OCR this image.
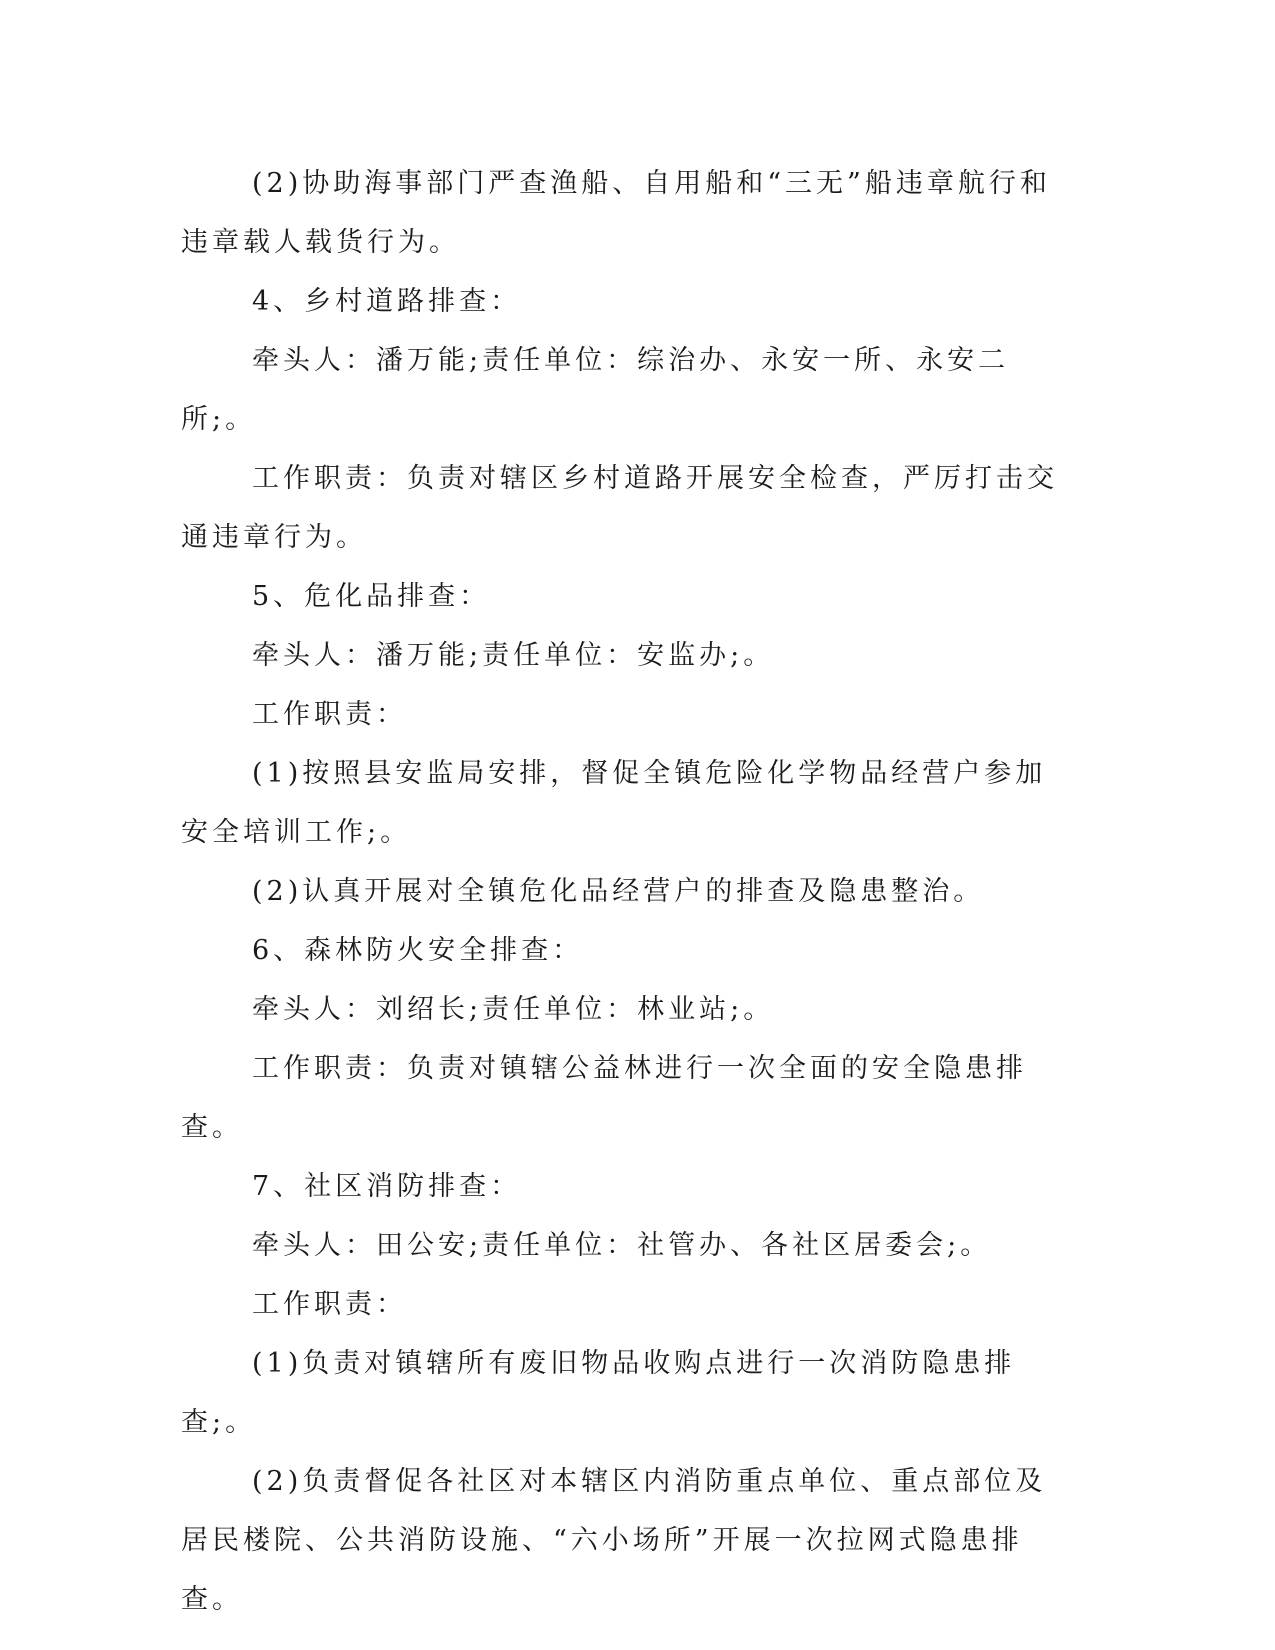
(2)协助海事部门严查渔船、自用船和“三无”船违章航行和违章载人载货行为。

4、乡村道路排查：

牵头人：潘万能;责任单位：综治办、永安一所、永安二所;。

工作职责：负责对辖区乡村道路开展安全检查，严厉打击交通违章行为。

5、危化品排查：

牵头人：潘万能;责任单位：安监办;。

工作职责：

(1)按照县安监局安排，督促全镇危险化学物品经营户参加安全培训工作;。

(2)认真开展对全镇危化品经营户的排查及隐患整治。

6、森林防火安全排查：

牵头人：刘绍长;责任单位：林业站;。

工作职责：负责对镇辖公益林进行一次全面的安全隐患排查。

7、社区消防排查：

牵头人：田公安;责任单位：社管办、各社区居委会;。

工作职责：

(1)负责对镇辖所有废旧物品收购点进行一次消防隐患排查;。

(2)负责督促各社区对本辖区内消防重点单位、重点部位及居民楼院、公共消防设施、“六小场所”开展一次拉网式隐患排查。
